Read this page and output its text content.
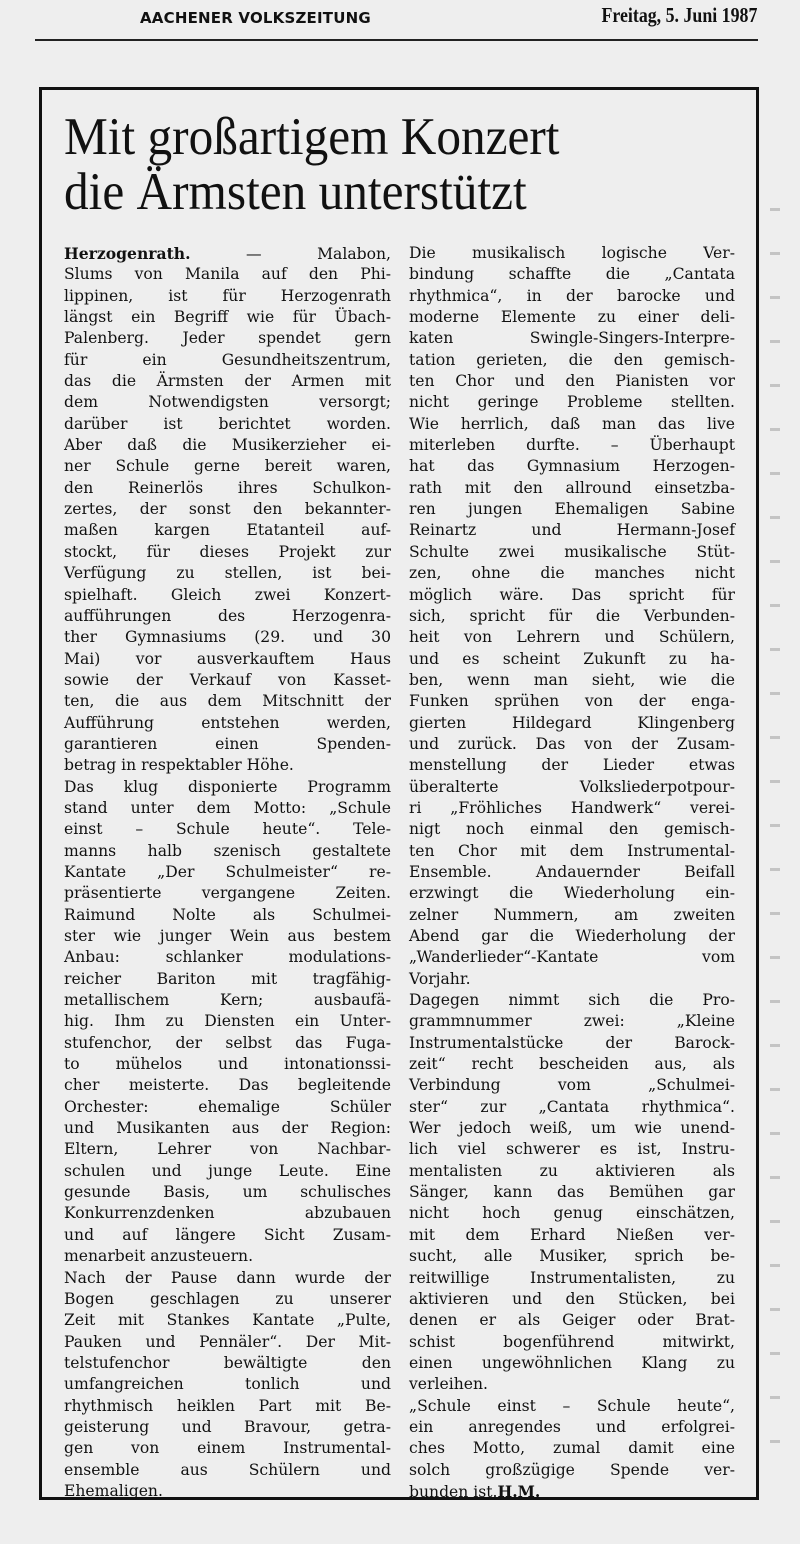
AACHENER VOLKSZEITUNG	Freitag, 5. Juni 1987
Mit großartigem Konzert
die Ärmsten unterstützt
Herzogenrath.	— Malabon,
Slums von Manila auf den Phi-
lippinen, ist für Herzogenrath
längst ein Begriff wie für Übach-
Palenberg. Jeder spendet gern
für ein Gesundheitszentrum,
das die Ärmsten der Armen mit
dem Notwendigsten versorgt;
darüber ist berichtet worden.
Aber daß die Musikerzieher ei-
ner Schule gerne bereit waren,
den Reinerlös ihres Schulkon-
zertes, der sonst den bekannter-
maßen kargen Etatanteil auf-
stockt, für dieses Projekt zur
Verfügung zu stellen, ist bei-
spielhaft. Gleich zwei Konzert-
aufführungen des Herzogenra-
ther Gymnasiums (29. und 30
Mai) vor ausverkauftem Haus
sowie der Verkauf von Kasset-
ten, die aus dem Mitschnitt der
Aufführung entstehen werden,
garantieren einen Spenden-
betrag in respektabler Höhe.
Das klug disponierte Programm
stand unter dem Motto: „Schule
einst – Schule heute“. Tele-
manns halb szenisch gestaltete
Kantate „Der Schulmeister“ re-
präsentierte vergangene Zeiten.
Raimund Nolte als Schulmei-
ster wie junger Wein aus bestem
Anbau: schlanker modulations-
reicher Bariton mit tragfähig-
metallischem Kern; ausbaufä-
hig. Ihm zu Diensten ein Unter-
stufenchor, der selbst das Fuga-
to mühelos und intonationssi-
cher meisterte. Das begleitende
Orchester: ehemalige Schüler
und Musikanten aus der Region:
Eltern, Lehrer von Nachbar-
schulen und junge Leute. Eine
gesunde Basis, um schulisches
Konkurrenzdenken abzubauen
und auf längere Sicht Zusam-
menarbeit anzusteuern.
Nach der Pause dann wurde der
Bogen geschlagen zu unserer
Zeit mit Stankes Kantate „Pulte,
Pauken und Pennäler“. Der Mit-
telstufenchor bewältigte den
umfangreichen tonlich und
rhythmisch heiklen Part mit Be-
geisterung und Bravour, getra-
gen von einem Instrumental-
ensemble aus Schülern und
Ehemaligen.
Die musikalisch logische Ver-
bindung schaffte die „Cantata
rhythmica“, in der barocke und
moderne Elemente zu einer deli-
katen Swingle-Singers-Interpre-
tation gerieten, die den gemisch-
ten Chor und den Pianisten vor
nicht geringe Probleme stellten.
Wie herrlich, daß man das live
miterleben durfte. – Überhaupt
hat das Gymnasium Herzogen-
rath mit den allround einsetzba-
ren jungen Ehemaligen Sabine
Reinartz und Hermann-Josef
Schulte zwei musikalische Stüt-
zen, ohne die manches nicht
möglich wäre. Das spricht für
sich, spricht für die Verbunden-
heit von Lehrern und Schülern,
und es scheint Zukunft zu ha-
ben, wenn man sieht, wie die
Funken sprühen von der enga-
gierten Hildegard Klingenberg
und zurück. Das von der Zusam-
menstellung der Lieder etwas
überalterte Volksliederpotpour-
ri „Fröhliches Handwerk“ verei-
nigt noch einmal den gemisch-
ten Chor mit dem Instrumental-
Ensemble. Andauernder Beifall
erzwingt die Wiederholung ein-
zelner Nummern, am zweiten
Abend gar die Wiederholung der
„Wanderlieder“-Kantate vom
Vorjahr.
Dagegen nimmt sich die Pro-
grammnummer zwei: „Kleine
Instrumentalstücke der Barock-
zeit“ recht bescheiden aus, als
Verbindung vom „Schulmei-
ster“ zur „Cantata rhythmica“.
Wer jedoch weiß, um wie unend-
lich viel schwerer es ist, Instru-
mentalisten zu aktivieren als
Sänger, kann das Bemühen gar
nicht hoch genug einschätzen,
mit dem Erhard Nießen ver-
sucht, alle Musiker, sprich be-
reitwillige Instrumentalisten, zu
aktivieren und den Stücken, bei
denen er als Geiger oder Brat-
schist bogenführend mitwirkt,
einen ungewöhnlichen Klang zu
verleihen.
„Schule einst – Schule heute“,
ein anregendes und erfolgrei-
ches Motto, zumal damit eine
solch großzügige Spende ver-
bunden ist.H.M.
